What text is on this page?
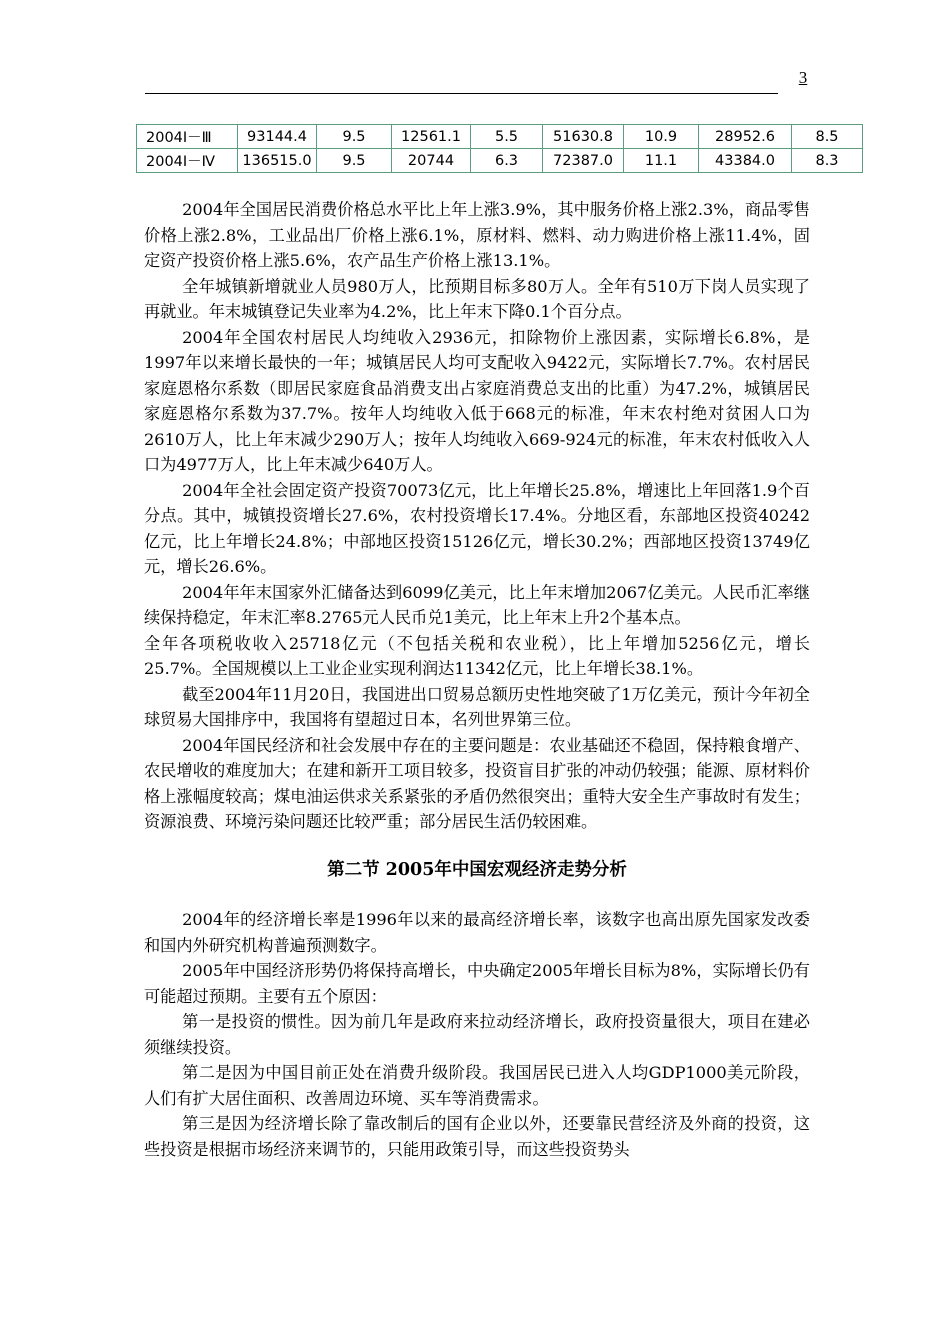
3
2004Ⅰ－Ⅲ	93144.4	9.5	12561.1	5.5	51630.8	10.9	28952.6	8.5
2004Ⅰ－Ⅳ	136515.0	9.5	20744	6.3	72387.0	11.1	43384.0	8.3

2004年全国居民消费价格总水平比上年上涨3.9%，其中服务价格上涨2.3%，商品零售价格上涨2.8%，工业品出厂价格上涨6.1%，原材料、燃料、动力购进价格上涨11.4%，固定资产投资价格上涨5.6%，农产品生产价格上涨13.1%。

全年城镇新增就业人员980万人，比预期目标多80万人。全年有510万下岗人员实现了再就业。年末城镇登记失业率为4.2%，比上年末下降0.1个百分点。

2004年全国农村居民人均纯收入2936元，扣除物价上涨因素，实际增长6.8%，是1997年以来增长最快的一年；城镇居民人均可支配收入9422元，实际增长7.7%。农村居民家庭恩格尔系数（即居民家庭食品消费支出占家庭消费总支出的比重）为47.2%，城镇居民家庭恩格尔系数为37.7%。按年人均纯收入低于668元的标准，年末农村绝对贫困人口为2610万人，比上年末减少290万人；按年人均纯收入669-924元的标准，年末农村低收入人口为4977万人，比上年末减少640万人。

2004年全社会固定资产投资70073亿元，比上年增长25.8%，增速比上年回落1.9个百分点。其中，城镇投资增长27.6%，农村投资增长17.4%。分地区看，东部地区投资40242亿元，比上年增长24.8%；中部地区投资15126亿元，增长30.2%；西部地区投资13749亿元，增长26.6%。

2004年年末国家外汇储备达到6099亿美元，比上年末增加2067亿美元。人民币汇率继续保持稳定，年末汇率8.2765元人民币兑1美元，比上年末上升2个基本点。

全年各项税收收入25718亿元（不包括关税和农业税），比上年增加5256亿元，增长25.7%。全国规模以上工业企业实现利润达11342亿元，比上年增长38.1%。

截至2004年11月20日，我国进出口贸易总额历史性地突破了1万亿美元，预计今年初全球贸易大国排序中，我国将有望超过日本，名列世界第三位。

2004年国民经济和社会发展中存在的主要问题是：农业基础还不稳固，保持粮食增产、农民增收的难度加大；在建和新开工项目较多，投资盲目扩张的冲动仍较强；能源、原材料价格上涨幅度较高；煤电油运供求关系紧张的矛盾仍然很突出；重特大安全生产事故时有发生；资源浪费、环境污染问题还比较严重；部分居民生活仍较困难。

第二节 2005年中国宏观经济走势分析

2004年的经济增长率是1996年以来的最高经济增长率，该数字也高出原先国家发改委和国内外研究机构普遍预测数字。

2005年中国经济形势仍将保持高增长，中央确定2005年增长目标为8%，实际增长仍有可能超过预期。主要有五个原因：

第一是投资的惯性。因为前几年是政府来拉动经济增长，政府投资量很大，项目在建必须继续投资。

第二是因为中国目前正处在消费升级阶段。我国居民已进入人均GDP1000美元阶段，人们有扩大居住面积、改善周边环境、买车等消费需求。

第三是因为经济增长除了靠改制后的国有企业以外，还要靠民营经济及外商的投资，这些投资是根据市场经济来调节的，只能用政策引导，而这些投资势头
